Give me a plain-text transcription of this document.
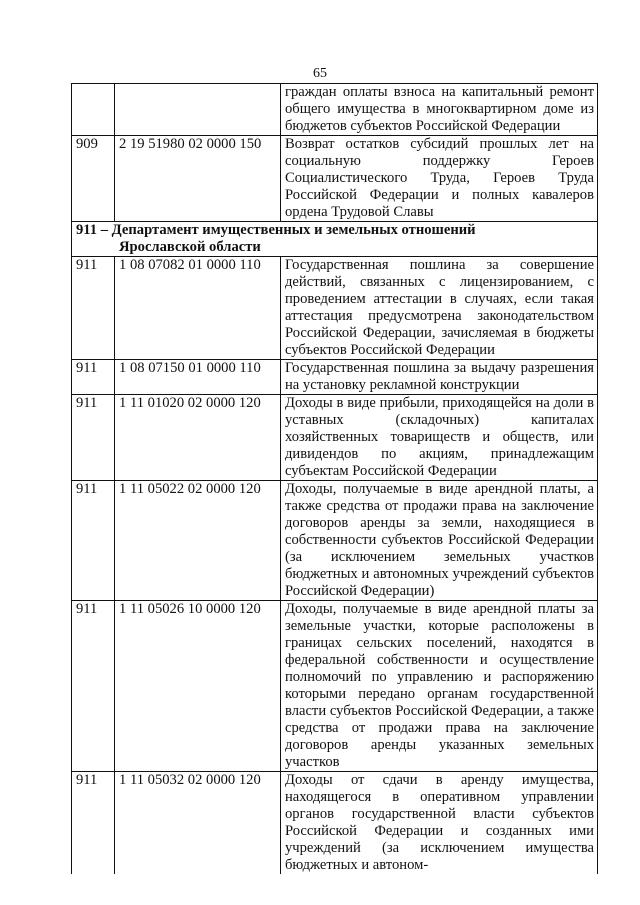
65
		граждан оплаты взноса на капитальный ремонт общего имущества в многоквартирном доме из бюджетов субъектов Российской Федерации
909	2 19 51980 02 0000 150	Возврат остатков субсидий прошлых лет на социальную поддержку Героев Социалистического Труда, Героев Труда Российской Федерации и полных кавалеров ордена Трудовой Славы
911 – Департамент имущественных и земельных отношений
Ярославской области		

911	1 08 07082 01 0000 110	Государственная пошлина за совершение действий, связанных с лицензированием, с проведением аттестации в случаях, если такая аттестация предусмотрена законодательством Российской Федерации, зачисляемая в бюджеты субъектов Российской Федерации
911	1 08 07150 01 0000 110	Государственная пошлина за выдачу разрешения на установку рекламной конструкции
911	1 11 01020 02 0000 120	Доходы в виде прибыли, приходящейся на доли в уставных (складочных) капиталах хозяйственных товариществ и обществ, или дивидендов по акциям, принадлежащим субъектам Российской Федерации
911	1 11 05022 02 0000 120	Доходы, получаемые в виде арендной платы, а также средства от продажи права на заключение договоров аренды за земли, находящиеся в собственности субъектов Российской Федерации (за исключением земельных участков бюджетных и автономных учреждений субъектов Российской Федерации)
911	1 11 05026 10 0000 120	Доходы, получаемые в виде арендной платы за земельные участки, которые расположены в границах сельских поселений, находятся в федеральной собственности и осуществление полномочий по управлению и распоряжению которыми передано органам государственной власти субъектов Российской Федерации, а также средства от продажи права на заключение договоров аренды указанных земельных участков
911	1 11 05032 02 0000 120	Доходы от сдачи в аренду имущества, находящегося в оперативном управлении органов государственной власти субъектов Российской Федерации и созданных ими учреждений (за исключением имущества бюджетных и автоном-
